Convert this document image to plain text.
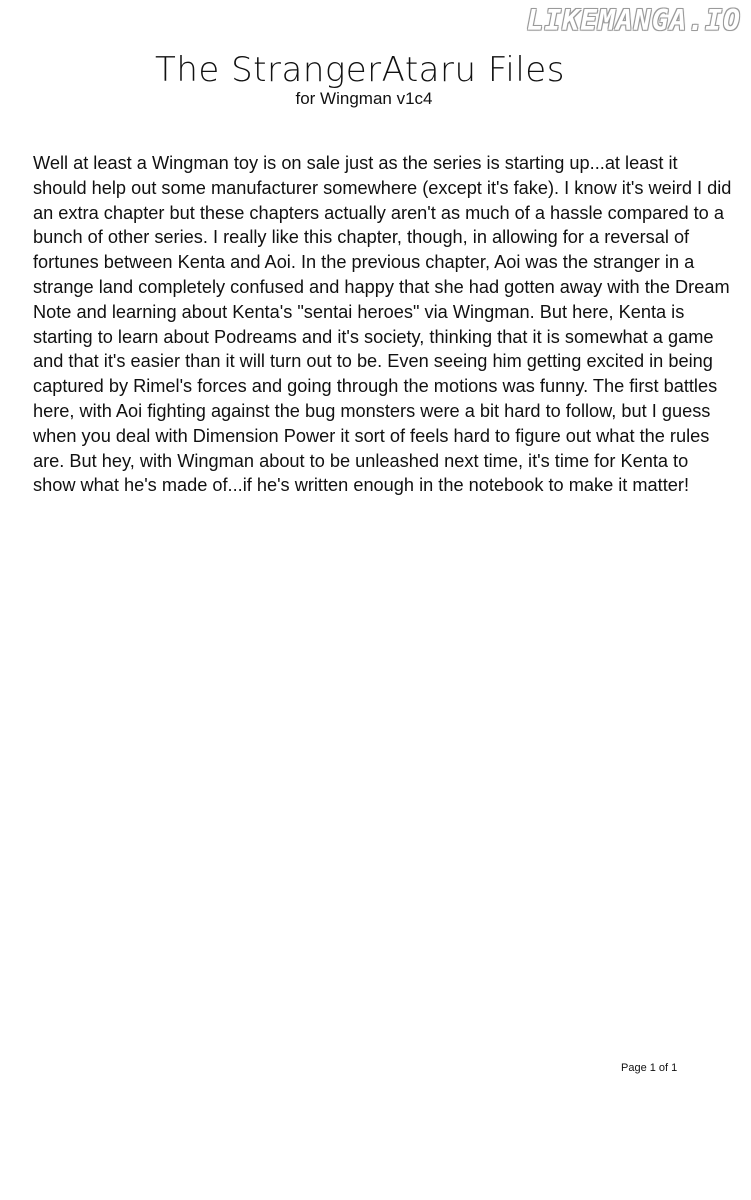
LIKEMANGA.IO
The StrangerAtaru Files
for Wingman v1c4

Well at least a Wingman toy is on sale just as the series is starting up...at least it should help out some manufacturer somewhere (except it's fake). I know it's weird I did an extra chapter but these chapters actually aren't as much of a hassle compared to a bunch of other series. I really like this chapter, though, in allowing for a reversal of fortunes between Kenta and Aoi. In the previous chapter, Aoi was the stranger in a strange land completely confused and happy that she had gotten away with the Dream Note and learning about Kenta's "sentai heroes" via Wingman. But here, Kenta is starting to learn about Podreams and it's society, thinking that it is somewhat a game and that it's easier than it will turn out to be. Even seeing him getting excited in being captured by Rimel's forces and going through the motions was funny. The first battles here, with Aoi fighting against the bug monsters were a bit hard to follow, but I guess when you deal with Dimension Power it sort of feels hard to figure out what the rules are. But hey, with Wingman about to be unleashed next time, it's time for Kenta to show what he's made of...if he's written enough in the notebook to make it matter!

Page 1 of 1
